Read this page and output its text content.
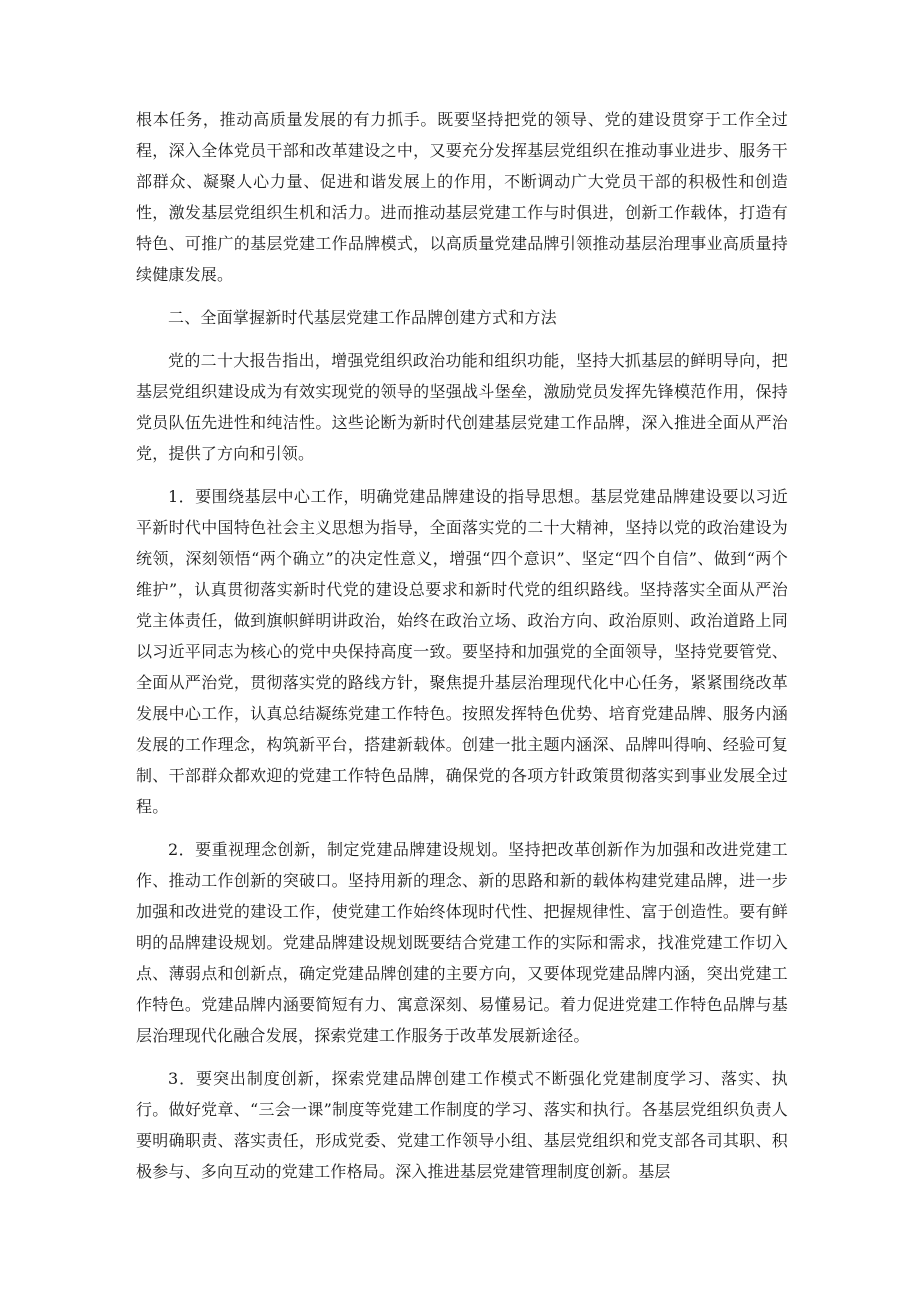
根本任务，推动高质量发展的有力抓手。既要坚持把党的领导、党的建设贯穿于工作全过程，深入全体党员干部和改革建设之中，又要充分发挥基层党组织在推动事业进步、服务干部群众、凝聚人心力量、促进和谐发展上的作用，不断调动广大党员干部的积极性和创造性，激发基层党组织生机和活力。进而推动基层党建工作与时俱进，创新工作载体，打造有特色、可推广的基层党建工作品牌模式，以高质量党建品牌引领推动基层治理事业高质量持续健康发展。

二、全面掌握新时代基层党建工作品牌创建方式和方法

党的二十大报告指出，增强党组织政治功能和组织功能，坚持大抓基层的鲜明导向，把基层党组织建设成为有效实现党的领导的坚强战斗堡垒，激励党员发挥先锋模范作用，保持党员队伍先进性和纯洁性。这些论断为新时代创建基层党建工作品牌，深入推进全面从严治党，提供了方向和引领。

1．要围绕基层中心工作，明确党建品牌建设的指导思想。基层党建品牌建设要以习近平新时代中国特色社会主义思想为指导，全面落实党的二十大精神，坚持以党的政治建设为统领，深刻领悟“两个确立”的决定性意义，增强“四个意识”、坚定“四个自信”、做到“两个维护”，认真贯彻落实新时代党的建设总要求和新时代党的组织路线。坚持落实全面从严治党主体责任，做到旗帜鲜明讲政治，始终在政治立场、政治方向、政治原则、政治道路上同以习近平同志为核心的党中央保持高度一致。要坚持和加强党的全面领导，坚持党要管党、全面从严治党，贯彻落实党的路线方针，聚焦提升基层治理现代化中心任务，紧紧围绕改革发展中心工作，认真总结凝练党建工作特色。按照发挥特色优势、培育党建品牌、服务内涵发展的工作理念，构筑新平台，搭建新载体。创建一批主题内涵深、品牌叫得响、经验可复制、干部群众都欢迎的党建工作特色品牌，确保党的各项方针政策贯彻落实到事业发展全过程。

2．要重视理念创新，制定党建品牌建设规划。坚持把改革创新作为加强和改进党建工作、推动工作创新的突破口。坚持用新的理念、新的思路和新的载体构建党建品牌，进一步加强和改进党的建设工作，使党建工作始终体现时代性、把握规律性、富于创造性。要有鲜明的品牌建设规划。党建品牌建设规划既要结合党建工作的实际和需求，找准党建工作切入点、薄弱点和创新点，确定党建品牌创建的主要方向，又要体现党建品牌内涵，突出党建工作特色。党建品牌内涵要简短有力、寓意深刻、易懂易记。着力促进党建工作特色品牌与基层治理现代化融合发展，探索党建工作服务于改革发展新途径。

3．要突出制度创新，探索党建品牌创建工作模式不断强化党建制度学习、落实、执行。做好党章、“三会一课”制度等党建工作制度的学习、落实和执行。各基层党组织负责人要明确职责、落实责任，形成党委、党建工作领导小组、基层党组织和党支部各司其职、积极参与、多向互动的党建工作格局。深入推进基层党建管理制度创新。基层
